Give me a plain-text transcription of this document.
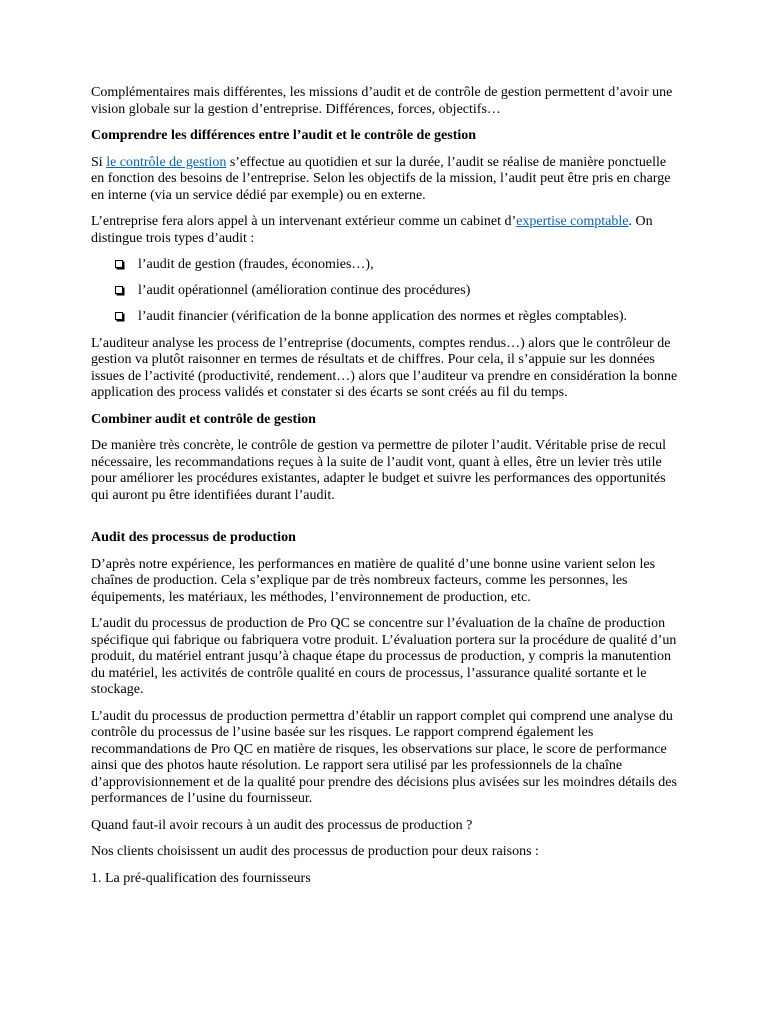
Complémentaires mais différentes, les missions d’audit et de contrôle de gestion permettent d’avoir une vision globale sur la gestion d’entreprise. Différences, forces, objectifs…

Comprendre les différences entre l’audit et le contrôle de gestion

Si le contrôle de gestion s’effectue au quotidien et sur la durée, l’audit se réalise de manière ponctuelle en fonction des besoins de l’entreprise. Selon les objectifs de la mission, l’audit peut être pris en charge en interne (via un service dédié par exemple) ou en externe.

L’entreprise fera alors appel à un intervenant extérieur comme un cabinet d’expertise comptable. On distingue trois types d’audit :

l’audit de gestion (fraudes, économies…),
l’audit opérationnel (amélioration continue des procédures)
l’audit financier (vérification de la bonne application des normes et règles comptables).

L’auditeur analyse les process de l’entreprise (documents, comptes rendus…) alors que le contrôleur de gestion va plutôt raisonner en termes de résultats et de chiffres. Pour cela, il s’appuie sur les données issues de l’activité (productivité, rendement…) alors que l’auditeur va prendre en considération la bonne application des process validés et constater si des écarts se sont créés au fil du temps.

Combiner audit et contrôle de gestion

De manière très concrète, le contrôle de gestion va permettre de piloter l’audit. Véritable prise de recul nécessaire, les recommandations reçues à la suite de l’audit vont, quant à elles, être un levier très utile pour améliorer les procédures existantes, adapter le budget et suivre les performances des opportunités qui auront pu être identifiées durant l’audit.

Audit des processus de production

D’après notre expérience, les performances en matière de qualité d’une bonne usine varient selon les chaînes de production. Cela s’explique par de très nombreux facteurs, comme les personnes, les équipements, les matériaux, les méthodes, l’environnement de production, etc.

L’audit du processus de production de Pro QC se concentre sur l’évaluation de la chaîne de production spécifique qui fabrique ou fabriquera votre produit. L’évaluation portera sur la procédure de qualité d’un produit, du matériel entrant jusqu’à chaque étape du processus de production, y compris la manutention du matériel, les activités de contrôle qualité en cours de processus, l’assurance qualité sortante et le stockage.

L’audit du processus de production permettra d’établir un rapport complet qui comprend une analyse du contrôle du processus de l’usine basée sur les risques. Le rapport comprend également les recommandations de Pro QC en matière de risques, les observations sur place, le score de performance ainsi que des photos haute résolution. Le rapport sera utilisé par les professionnels de la chaîne d’approvisionnement et de la qualité pour prendre des décisions plus avisées sur les moindres détails des performances de l’usine du fournisseur.

Quand faut-il avoir recours à un audit des processus de production ?

Nos clients choisissent un audit des processus de production pour deux raisons :

1. La pré-qualification des fournisseurs
